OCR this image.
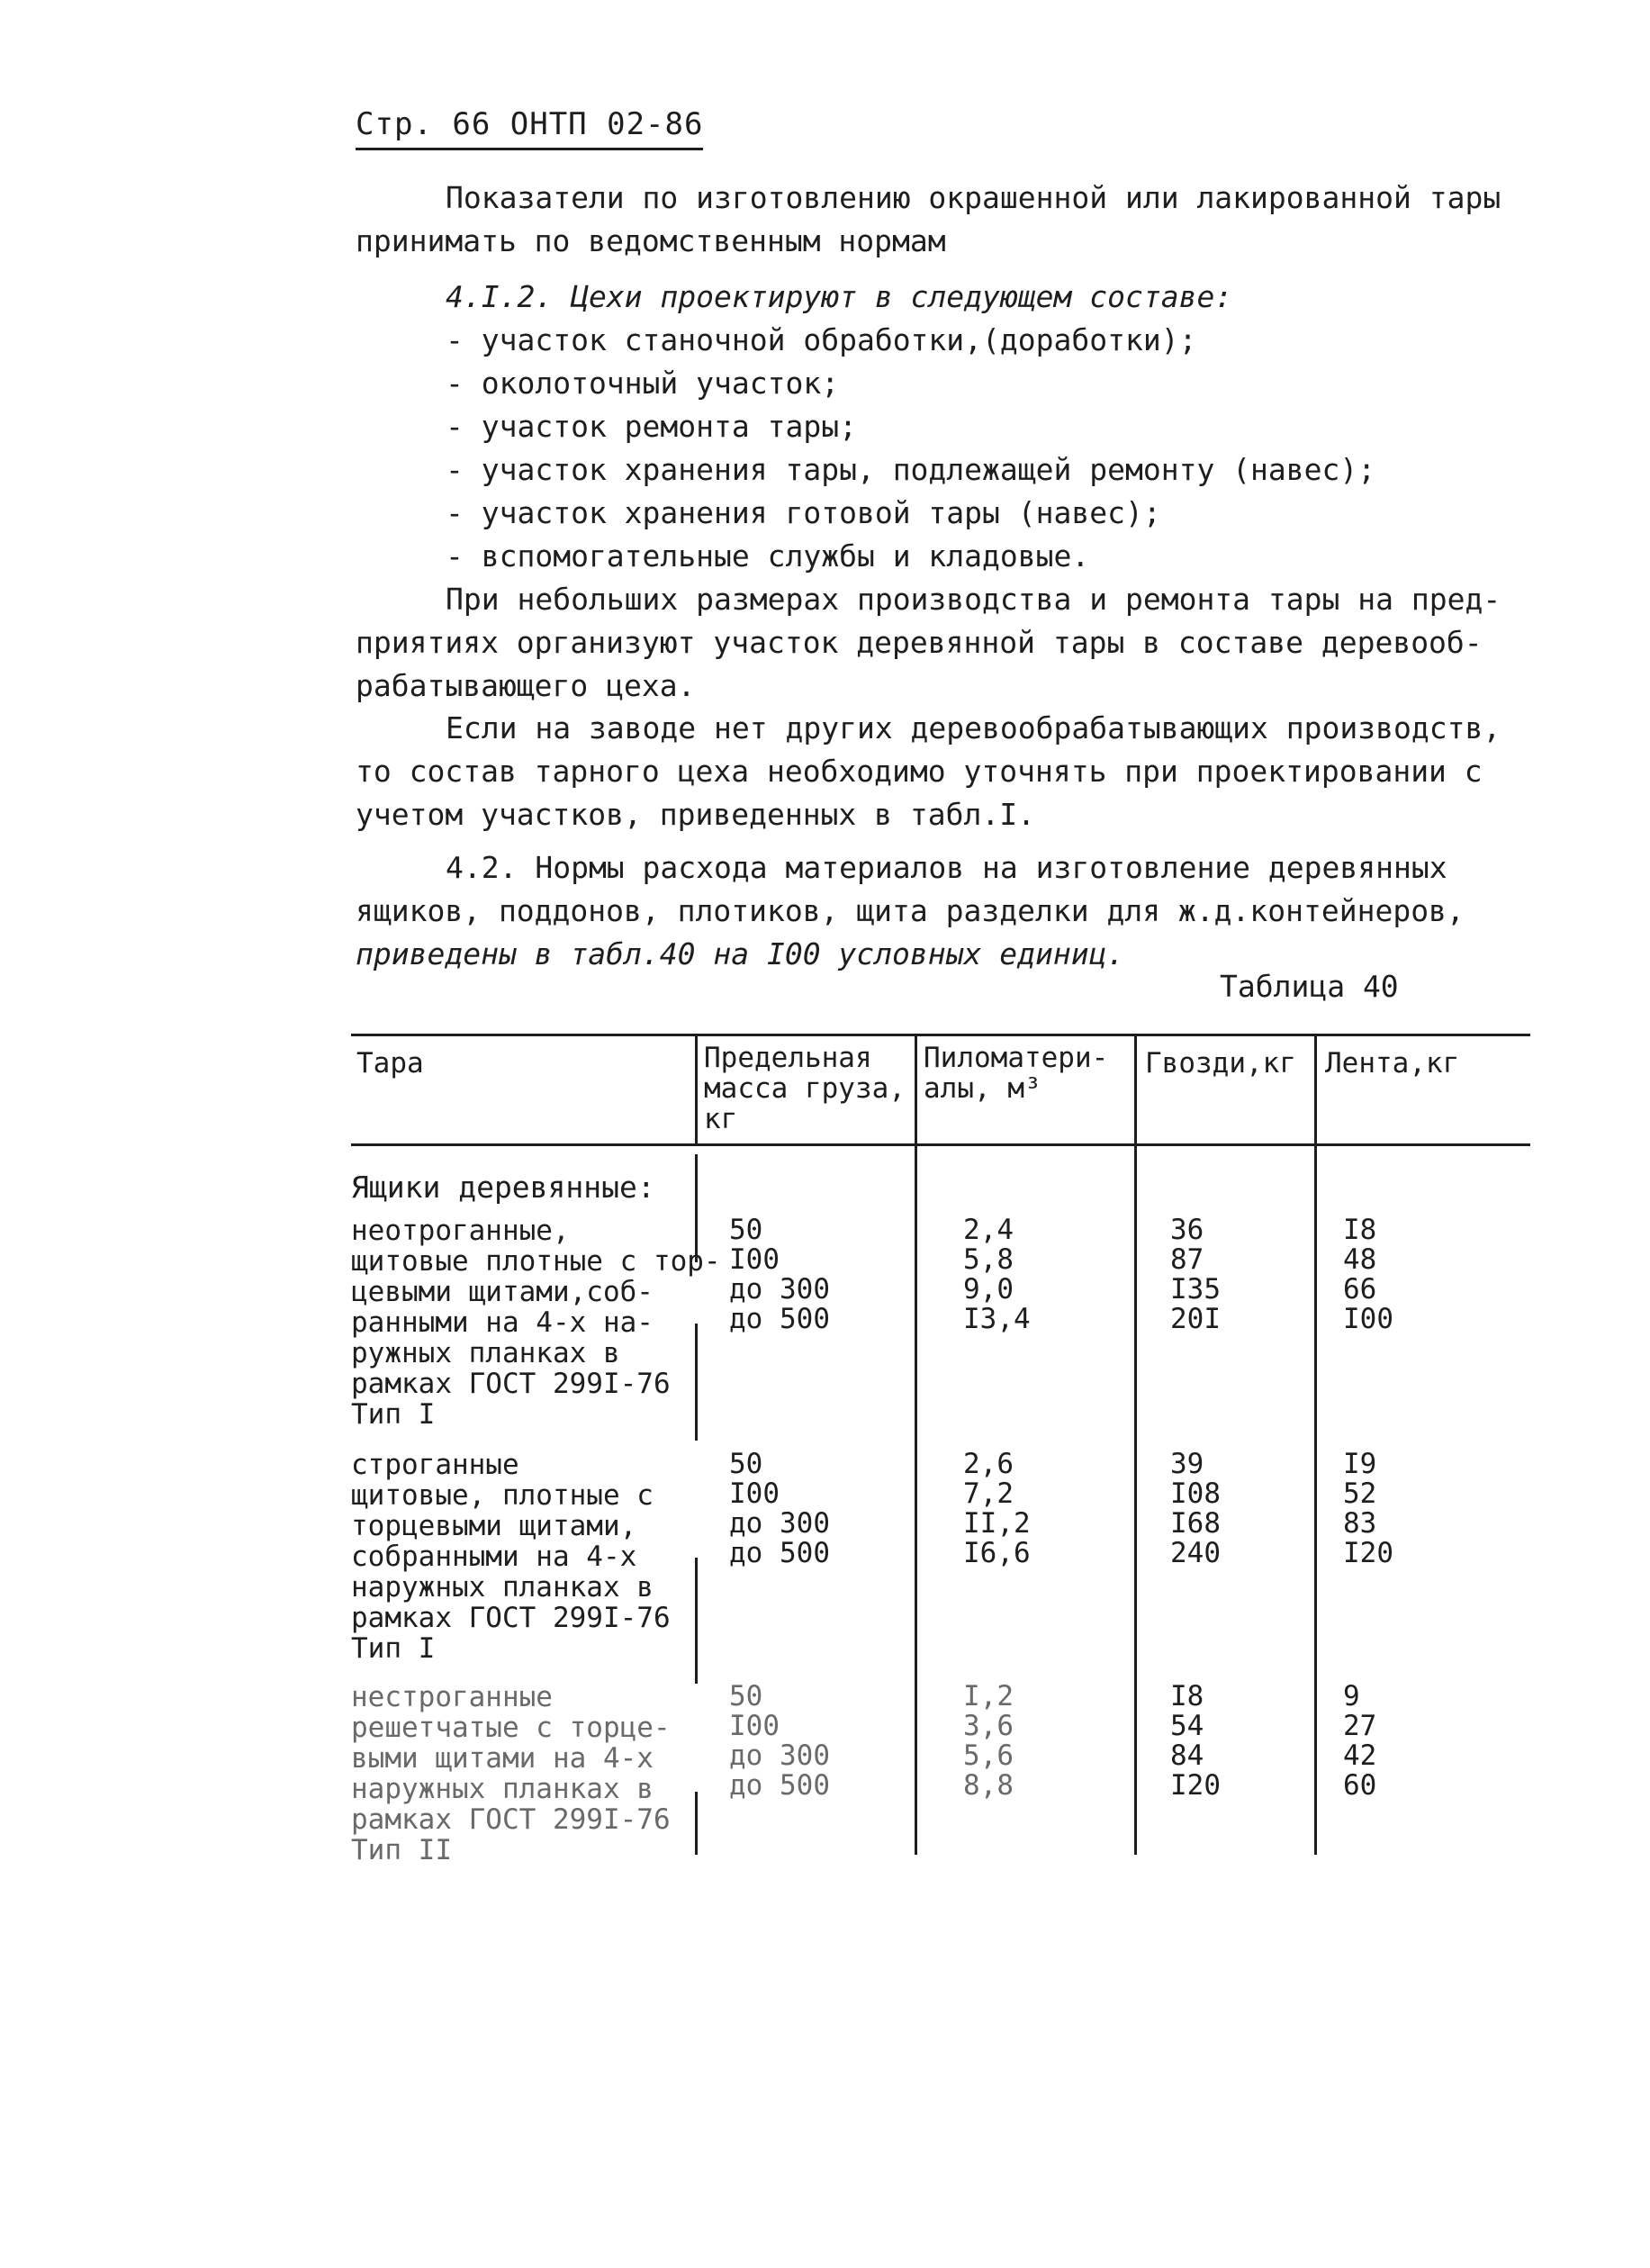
Стр. 66 ОНТП 02-86
Показатели по изготовлению окрашенной или лакированной тары
принимать по ведомственным нормам
4.I.2. Цехи проектируют в следующем составе:
- участок станочной обработки,(доработки);
- околоточный участок;
- участок ремонта тары;
- участок хранения тары, подлежащей ремонту (навес);
- участок хранения готовой тары (навес);
- вспомогательные службы и кладовые.
При небольших размерах производства и ремонта тары на пред-
приятиях организуют участок деревянной тары в составе деревооб-
рабатывающего цеха.
Если на заводе нет других деревообрабатывающих производств,
то состав тарного цеха необходимо уточнять при проектировании с
учетом участков, приведенных в табл.I.
4.2. Нормы расхода материалов на изготовление деревянных
ящиков, поддонов, плотиков, щита разделки для ж.д.контейнеров,
приведены в табл.40 на I00 условных единиц.
Таблица 40
Тара	Предельная
масса груза,
кг
Пиломатери-
алы, м³
Гвозди,кг Лента,кг
Ящики деревянные:
неотроганные,
щитовые плотные с тор-
цевыми щитами,соб-
ранными на 4-х на-
ружных планках в
рамках ГОСТ 299I-76
Тип I
50
I00
до 300
до 500
2,4
5,8
9,0
I3,4
36
87
I35
20I
I8
48
66
I00
строганные
щитовые, плотные с
торцевыми щитами,
собранными на 4-х
наружных планках в
рамках ГОСТ 299I-76
Тип I
50
I00
до 300
до 500
2,6
7,2
II,2
I6,6
39
I08
I68
240
I9
52
83
I20
нестроганные
решетчатые с торце-
выми щитами на 4-х
наружных планках в
рамках ГОСТ 299I-76
Тип II
50
I00
до 300
до 500
I,2
3,6
5,6
8,8
I8
54
84
I20
9
27
42
60
